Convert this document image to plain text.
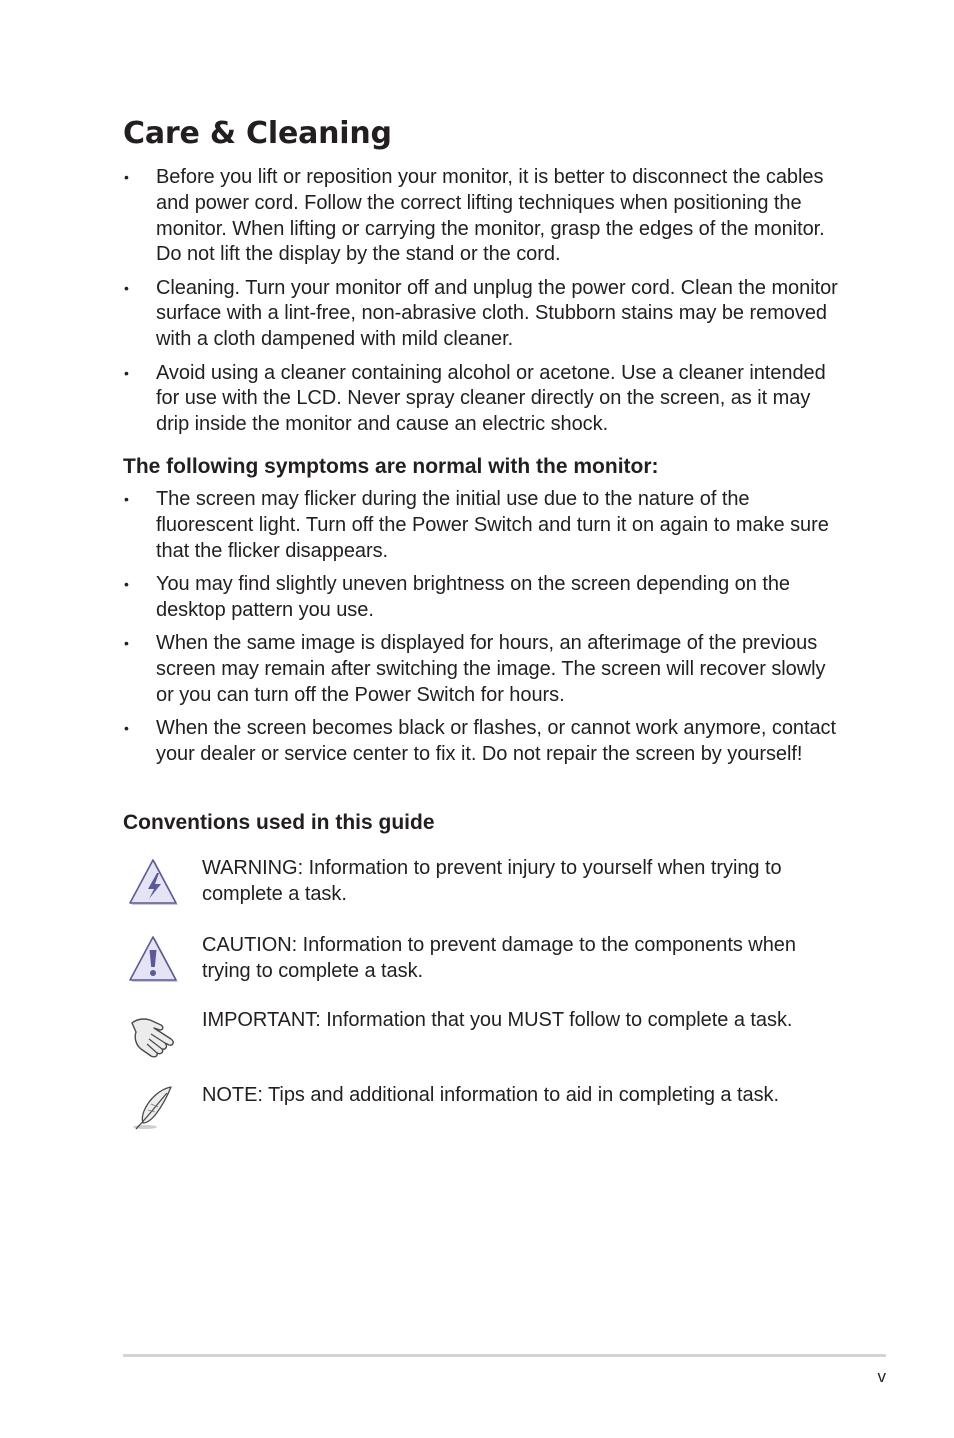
Care & Cleaning
• Before you lift or reposition your monitor, it is better to disconnect the cables and power cord. Follow the correct lifting techniques when positioning the monitor. When lifting or carrying the monitor, grasp the edges of the monitor. Do not lift the display by the stand or the cord.
• Cleaning. Turn your monitor off and unplug the power cord. Clean the monitor surface with a lint-free, non-abrasive cloth. Stubborn stains may be removed with a cloth dampened with mild cleaner.
• Avoid using a cleaner containing alcohol or acetone. Use a cleaner intended for use with the LCD. Never spray cleaner directly on the screen, as it may drip inside the monitor and cause an electric shock.
The following symptoms are normal with the monitor:
• The screen may flicker during the initial use due to the nature of the fluorescent light. Turn off the Power Switch and turn it on again to make sure that the flicker disappears.
• You may find slightly uneven brightness on the screen depending on the desktop pattern you use.
• When the same image is displayed for hours, an afterimage of the previous screen may remain after switching the image. The screen will recover slowly or you can turn off the Power Switch for hours.
• When the screen becomes black or flashes, or cannot work anymore, contact your dealer or service center to fix it. Do not repair the screen by yourself!
Conventions used in this guide
WARNING: Information to prevent injury to yourself when trying to complete a task.
CAUTION: Information to prevent damage to the components when trying to complete a task.
IMPORTANT: Information that you MUST follow to complete a task.
NOTE: Tips and additional information to aid in completing a task.
v
